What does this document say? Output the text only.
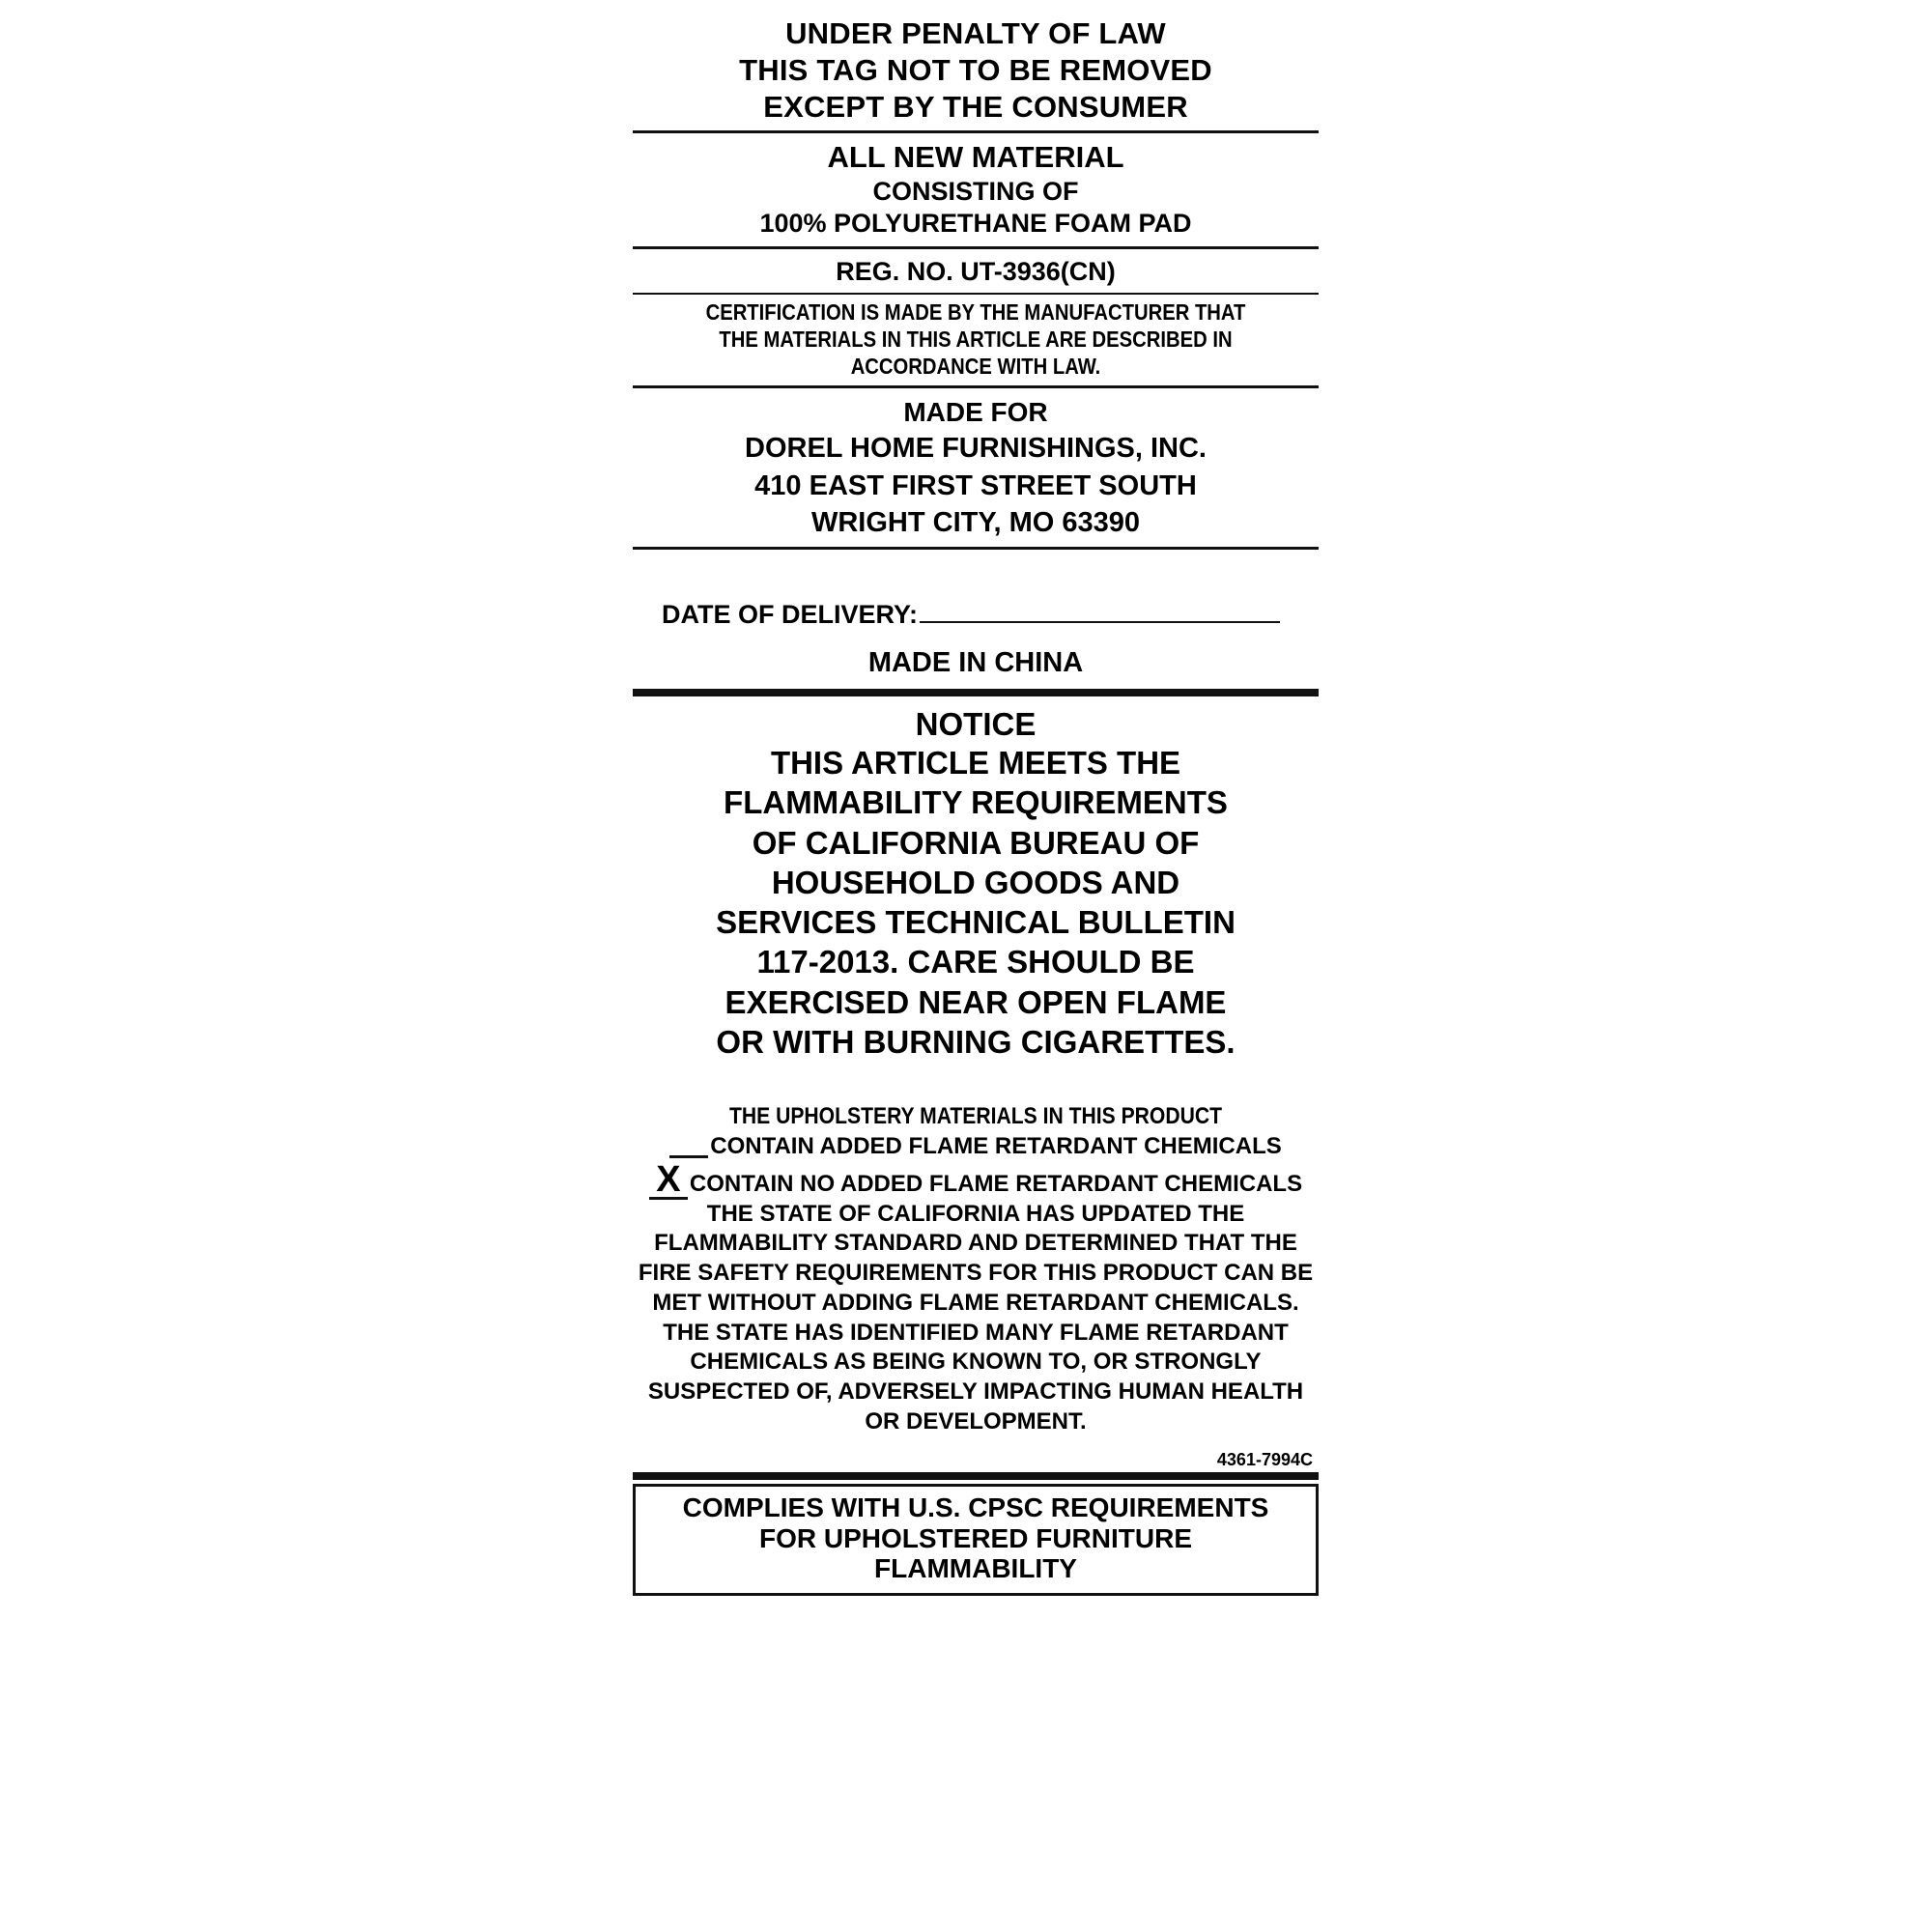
UNDER PENALTY OF LAW
THIS TAG NOT TO BE REMOVED
EXCEPT BY THE CONSUMER
ALL NEW MATERIAL
CONSISTING OF
100% POLYURETHANE FOAM PAD
REG. NO. UT-3936(CN)
CERTIFICATION IS MADE BY THE MANUFACTURER THAT
THE MATERIALS IN THIS ARTICLE ARE DESCRIBED IN
ACCORDANCE WITH LAW.
MADE FOR
DOREL HOME FURNISHINGS, INC.
410 EAST FIRST STREET SOUTH
WRIGHT CITY, MO 63390
DATE OF DELIVERY:
MADE IN CHINA
NOTICE
THIS ARTICLE MEETS THE
FLAMMABILITY REQUIREMENTS
OF CALIFORNIA BUREAU OF
HOUSEHOLD GOODS AND
SERVICES TECHNICAL BULLETIN
117-2013. CARE SHOULD BE
EXERCISED NEAR OPEN FLAME
OR WITH BURNING CIGARETTES.
THE UPHOLSTERY MATERIALS IN THIS PRODUCT
CONTAIN ADDED FLAME RETARDANT CHEMICALS
X CONTAIN NO ADDED FLAME RETARDANT CHEMICALS
THE STATE OF CALIFORNIA HAS UPDATED THE
FLAMMABILITY STANDARD AND DETERMINED THAT THE
FIRE SAFETY REQUIREMENTS FOR THIS PRODUCT CAN BE
MET WITHOUT ADDING FLAME RETARDANT CHEMICALS.
THE STATE HAS IDENTIFIED MANY FLAME RETARDANT
CHEMICALS AS BEING KNOWN TO, OR STRONGLY
SUSPECTED OF, ADVERSELY IMPACTING HUMAN HEALTH
OR DEVELOPMENT.
4361-7994C
COMPLIES WITH U.S. CPSC REQUIREMENTS
FOR UPHOLSTERED FURNITURE
FLAMMABILITY
